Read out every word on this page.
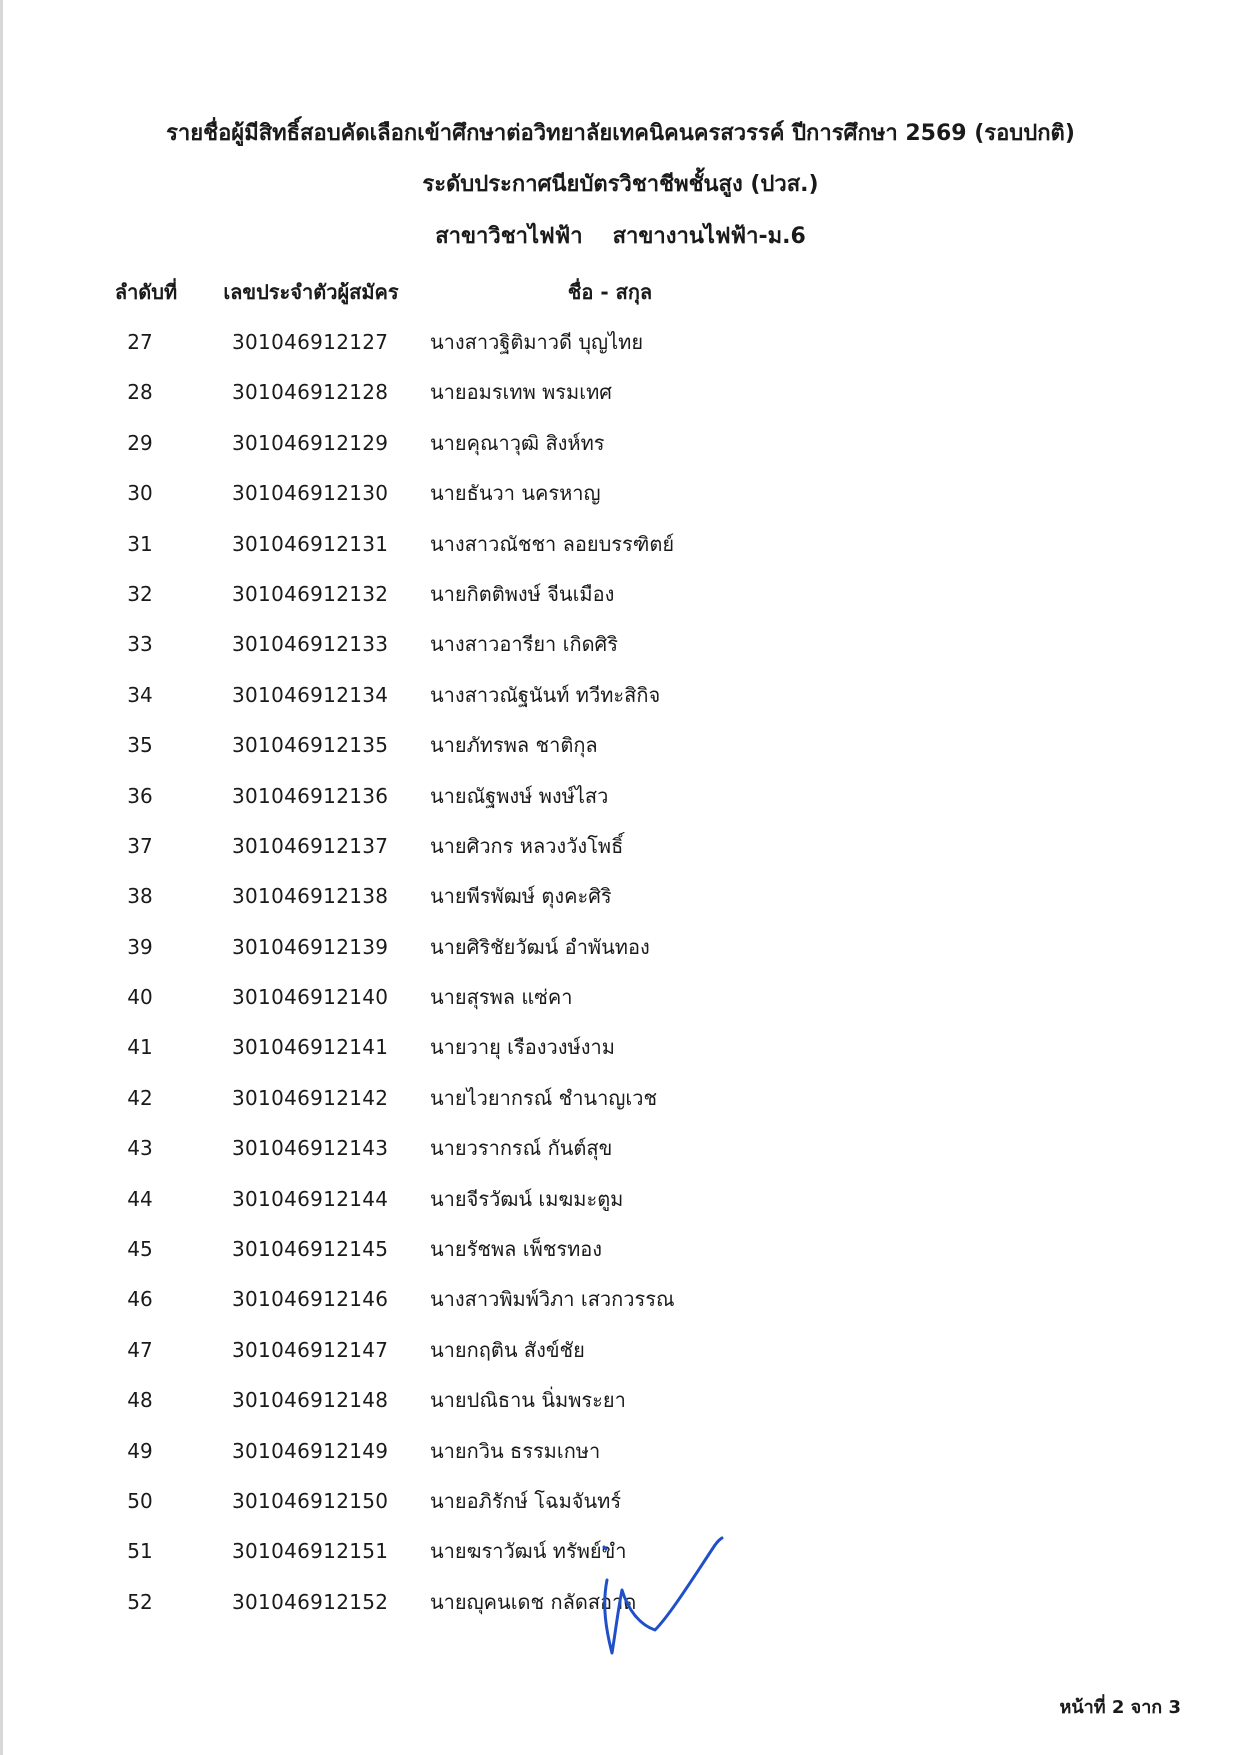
รายชื่อผู้มีสิทธิ์สอบคัดเลือกเข้าศึกษาต่อวิทยาลัยเทคนิคนครสวรรค์ ปีการศึกษา 2569 (รอบปกติ)
ระดับประกาศนียบัตรวิชาชีพชั้นสูง (ปวส.)
สาขาวิชาไฟฟ้า สาขางานไฟฟ้า-ม.6
ลำดับที่	เลขประจำตัวผู้สมัคร	ชื่อ - สกุล
27	301046912127 นางสาวฐิติมาวดี บุญไทย
28	301046912128 นายอมรเทพ พรมเทศ
29	301046912129 นายคุณาวุฒิ สิงห์ทร
30	301046912130 นายธันวา นครหาญ
31	301046912131 นางสาวณัชชา ลอยบรรฑิตย์
32	301046912132 นายกิตติพงษ์ จีนเมือง
33	301046912133 นางสาวอารียา เกิดศิริ
34	301046912134 นางสาวณัฐนันท์ ทวีทะสิกิจ
35	301046912135 นายภัทรพล ชาติกุล
36	301046912136 นายณัฐพงษ์ พงษ์ไสว
37	301046912137 นายศิวกร หลวงวังโพธิ์
38	301046912138 นายพีรพัฒษ์ ตุงคะศิริ
39	301046912139 นายศิริชัยวัฒน์ อำพันทอง
40	301046912140 นายสุรพล แซ่คา
41	301046912141 นายวายุ เรืองวงษ์งาม
42	301046912142 นายไวยากรณ์ ชำนาญเวช
43	301046912143 นายวรากรณ์ กันต์สุข
44	301046912144 นายจีรวัฒน์ เมฆมะตูม
45	301046912145 นายรัชพล เพ็ชรทอง
46	301046912146 นางสาวพิมพ์วิภา เสวกวรรณ
47	301046912147 นายกฤติน สังข์ชัย
48	301046912148 นายปณิธาน นิ่มพระยา
49	301046912149 นายกวิน ธรรมเกษา
50	301046912150 นายอภิรักษ์ โฉมจันทร์
51	301046912151 นายฆราวัฒน์ ทรัพย์ขำ
52	301046912152 นายญุคนเดช กลัดสอาด
หน้าที่ 2 จาก 3
